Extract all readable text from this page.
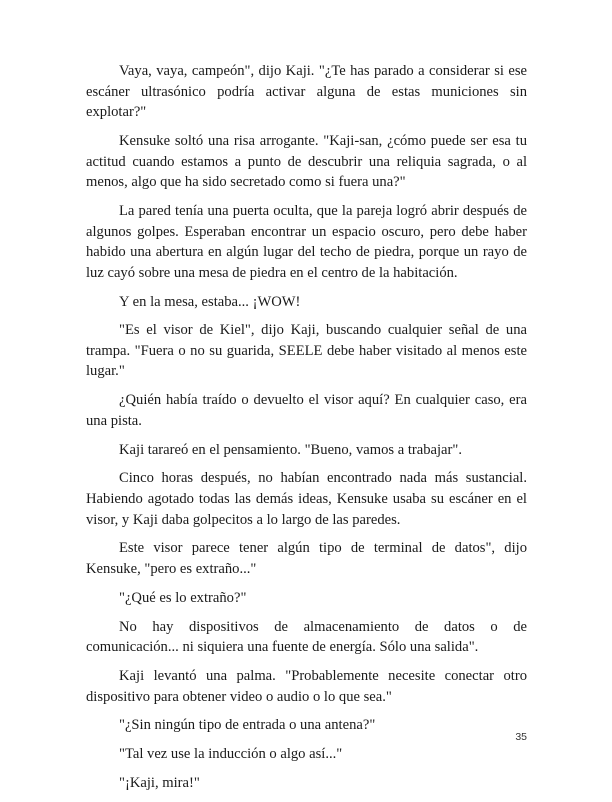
Vaya, vaya, campeón", dijo Kaji. "¿Te has parado a considerar si ese escáner ultrasónico podría activar alguna de estas municiones sin explotar?"

Kensuke soltó una risa arrogante. "Kaji-san, ¿cómo puede ser esa tu actitud cuando estamos a punto de descubrir una reliquia sagrada, o al menos, algo que ha sido secretado como si fuera una?"

La pared tenía una puerta oculta, que la pareja logró abrir después de algunos golpes. Esperaban encontrar un espacio oscuro, pero debe haber habido una abertura en algún lugar del techo de piedra, porque un rayo de luz cayó sobre una mesa de piedra en el centro de la habitación.

Y en la mesa, estaba... ¡WOW!

"Es el visor de Kiel", dijo Kaji, buscando cualquier señal de una trampa. "Fuera o no su guarida, SEELE debe haber visitado al menos este lugar."

¿Quién había traído o devuelto el visor aquí? En cualquier caso, era una pista.

Kaji tarareó en el pensamiento. "Bueno, vamos a trabajar".

Cinco horas después, no habían encontrado nada más sustancial. Habiendo agotado todas las demás ideas, Kensuke usaba su escáner en el visor, y Kaji daba golpecitos a lo largo de las paredes.

Este visor parece tener algún tipo de terminal de datos", dijo Kensuke, "pero es extraño..."

"¿Qué es lo extraño?"

No hay dispositivos de almacenamiento de datos o de comunicación... ni siquiera una fuente de energía. Sólo una salida".

Kaji levantó una palma. "Probablemente necesite conectar otro dispositivo para obtener video o audio o lo que sea."

"¿Sin ningún tipo de entrada o una antena?"

"Tal vez use la inducción o algo así..."

"¡Kaji, mira!"

35
